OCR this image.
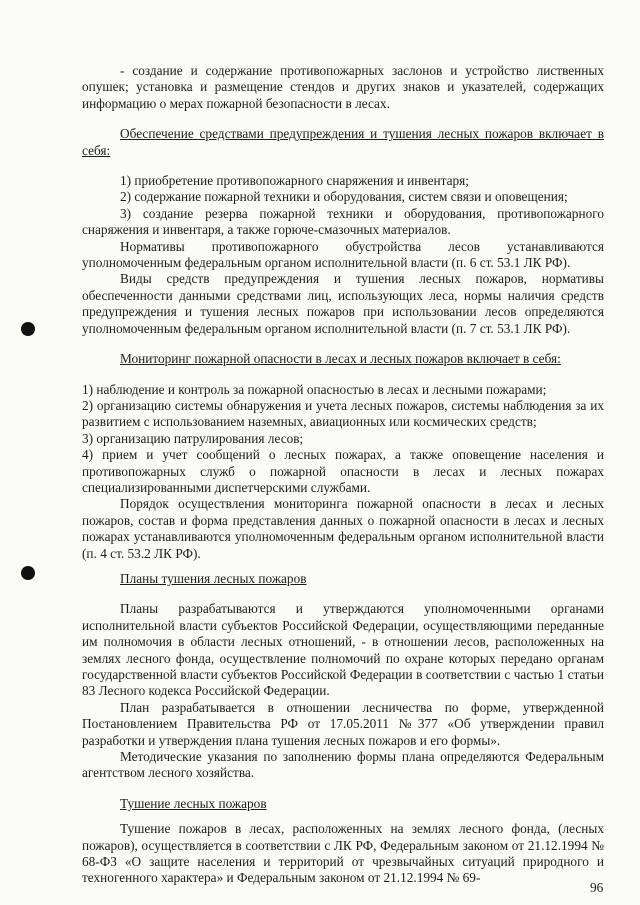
- создание и содержание противопожарных заслонов и устройство лиственных опушек; установка и размещение стендов и других знаков и указателей, содержащих информацию о мерах пожарной безопасности в лесах.

Обеспечение средствами предупреждения и тушения лесных пожаров включает в себя:

1) приобретение противопожарного снаряжения и инвентаря;

2) содержание пожарной техники и оборудования, систем связи и оповещения;

3) создание резерва пожарной техники и оборудования, противопожарного снаряжения и инвентаря, а также горюче-смазочных материалов.

Нормативы противопожарного обустройства лесов устанавливаются уполномоченным федеральным органом исполнительной власти (п. 6 ст. 53.1 ЛК РФ).

Виды средств предупреждения и тушения лесных пожаров, нормативы обеспеченности данными средствами лиц, использующих леса, нормы наличия средств предупреждения и тушения лесных пожаров при использовании лесов определяются уполномоченным федеральным органом исполнительной власти (п. 7 ст. 53.1 ЛК РФ).

Мониторинг пожарной опасности в лесах и лесных пожаров включает в себя:

1) наблюдение и контроль за пожарной опасностью в лесах и лесными пожарами;

2) организацию системы обнаружения и учета лесных пожаров, системы наблюдения за их развитием с использованием наземных, авиационных или космических средств;

3) организацию патрулирования лесов;

4) прием и учет сообщений о лесных пожарах, а также оповещение населения и противопожарных служб о пожарной опасности в лесах и лесных пожарах специализированными диспетчерскими службами.

Порядок осуществления мониторинга пожарной опасности в лесах и лесных пожаров, состав и форма представления данных о пожарной опасности в лесах и лесных пожарах устанавливаются уполномоченным федеральным органом исполнительной власти (п. 4 ст. 53.2 ЛК РФ).

Планы тушения лесных пожаров

Планы разрабатываются и утверждаются уполномоченными органами исполнительной власти субъектов Российской Федерации, осуществляющими переданные им полномочия в области лесных отношений, - в отношении лесов, расположенных на землях лесного фонда, осуществление полномочий по охране которых передано органам государственной власти субъектов Российской Федерации в соответствии с частью 1 статьи 83 Лесного кодекса Российской Федерации.

План разрабатывается в отношении лесничества по форме, утвержденной Постановлением Правительства РФ от 17.05.2011 №377 «Об утверждении правил разработки и утверждения плана тушения лесных пожаров и его формы».

Методические указания по заполнению формы плана определяются Федеральным агентством лесного хозяйства.

Тушение лесных пожаров

Тушение пожаров в лесах, расположенных на землях лесного фонда, (лесных пожаров), осуществляется в соответствии с ЛК РФ, Федеральным законом от 21.12.1994 № 68-ФЗ «О защите населения и территорий от чрезвычайных ситуаций природного и техногенного характера» и Федеральным законом от 21.12.1994 № 69-

96
